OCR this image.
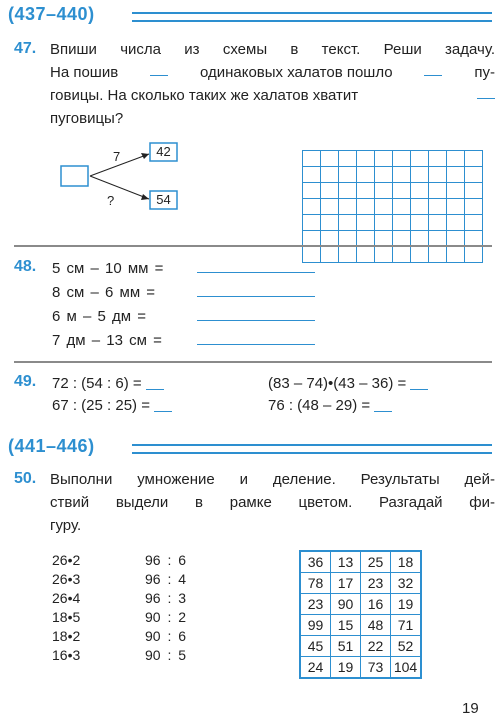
(437–440)
47. Впиши числа из схемы в текст. Реши задачу.
На пошив	одинаковых халатов пошло	пу-
говицы. На сколько таких же халатов хватит
пуговицы?
7
?
42
54

48. 5 см – 10 мм =
8 см – 6 мм =
6 м – 5 дм =
7 дм – 13 см =
49. 72 : (54 : 6) =
67 : (25 : 25) =
(83 – 74)•(43 – 36) =
76 : (48 – 29) =
(441–446)
50. Выполни умножение и деление. Результаты дей-
ствий выдели в рамке цветом. Разгадай фи-
гуру.
26•2
26•3
26•4
18•5
18•2
16•3
96 : 6
96 : 4
96 : 3
90 : 2
90 : 6
90 : 5
36	13	25	18
78	17	23	32
23	90	16	19
99	15	48	71
45	51	22	52
24	19	73	104
19
